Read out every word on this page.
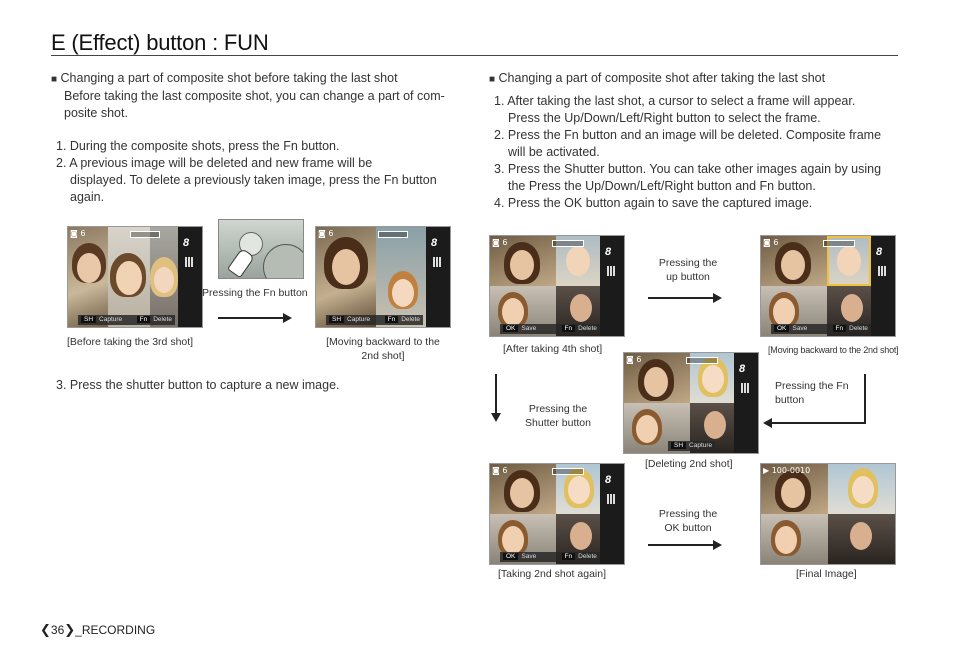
E (Effect) button : FUN

■ Changing a part of composite shot before taking the last shot

Before taking the last composite shot, you can change a part of com-

posite shot.

1. During the composite shots, press the Fn button.

2. A previous image will be deleted and new frame will be

displayed. To delete a previously taken image, press the Fn button

again.

8
◙ 6
SH Capture	Fn Delete
Pressing the Fn button
8
◙ 6
SH Capture	Fn Delete
[Before taking the 3rd shot]	[Moving backward to the
2nd shot]
3. Press the shutter button to capture a new image.

■ Changing a part of composite shot after taking the last shot

1. After taking the last shot, a cursor to select a frame will appear.

Press the Up/Down/Left/Right button to select the frame.

2. Press the Fn button and an image will be deleted. Composite frame

will be activated.

3. Press the Shutter button. You can take other images again by using

the Press the Up/Down/Left/Right button and Fn button.

4. Press the OK button again to save the captured image.

8
◙ 6
OK Save	Fn Delete
Pressing the
up button
8
◙ 6
OK Save	Fn Delete
[After taking 4th shot]	[Moving backward to the 2nd shot]
Pressing the
Shutter button
8
◙ 6
SH Capture
[Deleting 2nd shot]
Pressing the Fn
button
8
◙ 6
OK Save	Fn Delete
Pressing the
OK button
▶ 100-0010
[Taking 2nd shot again]	[Final Image]
❮36❯_RECORDING
